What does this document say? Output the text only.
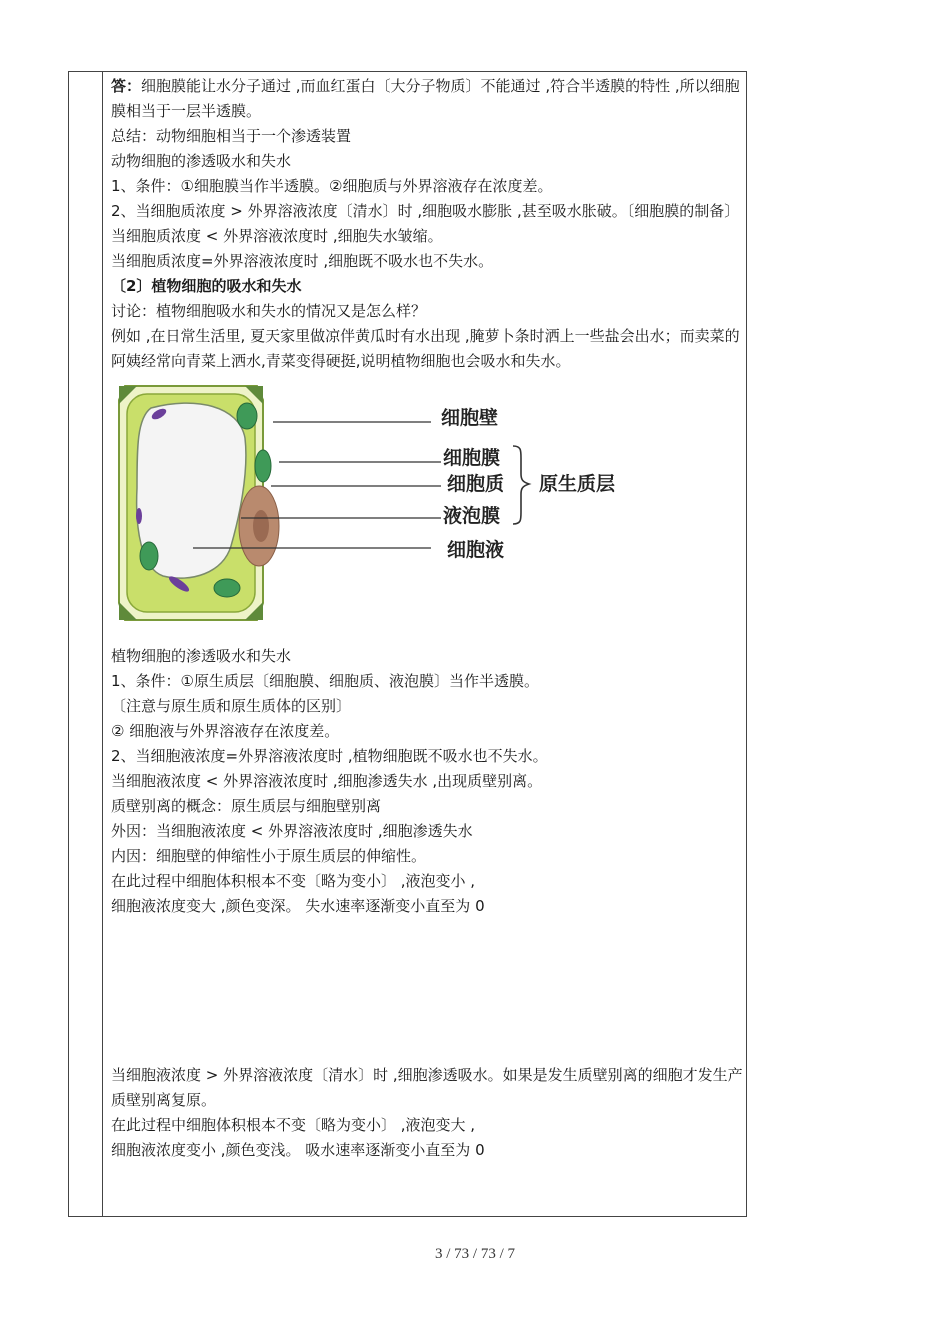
答：细胞膜能让水分子通过 ,而血红蛋白〔大分子物质〕不能通过 ,符合半透膜的特性 ,所以细胞膜相当于一层半透膜。

总结：动物细胞相当于一个渗透装置

动物细胞的渗透吸水和失水

1、条件：①细胞膜当作半透膜。②细胞质与外界溶液存在浓度差。

2、当细胞质浓度 > 外界溶液浓度〔清水〕时 ,细胞吸水膨胀 ,甚至吸水胀破。〔细胞膜的制备〕

当细胞质浓度 < 外界溶液浓度时 ,细胞失水皱缩。

当细胞质浓度=外界溶液浓度时 ,细胞既不吸水也不失水。

〔2〕植物细胞的吸水和失水

讨论：植物细胞吸水和失水的情况又是怎么样？

例如 ,在日常生活里, 夏天家里做凉伴黄瓜时有水出现 ,腌萝卜条时洒上一些盐会出水；而卖菜的阿姨经常向青菜上洒水,青菜变得硬挺,说明植物细胞也会吸水和失水。

细胞壁
细胞膜
细胞质
液泡膜
细胞液
原生质层

植物细胞的渗透吸水和失水

1、条件：①原生质层〔细胞膜、细胞质、液泡膜〕当作半透膜。

〔注意与原生质和原生质体的区别〕

② 细胞液与外界溶液存在浓度差。

2、当细胞液浓度=外界溶液浓度时 ,植物细胞既不吸水也不失水。

当细胞液浓度 < 外界溶液浓度时 ,细胞渗透失水 ,出现质壁别离。

质壁别离的概念：原生质层与细胞壁别离

外因：当细胞液浓度 < 外界溶液浓度时 ,细胞渗透失水

内因：细胞壁的伸缩性小于原生质层的伸缩性。

在此过程中细胞体积根本不变〔略为变小〕 ,液泡变小 ,

细胞液浓度变大 ,颜色变深。 失水速率逐渐变小直至为 0

当细胞液浓度 > 外界溶液浓度〔清水〕时 ,细胞渗透吸水。如果是发生质壁别离的细胞才发生产质壁别离复原。

在此过程中细胞体积根本不变〔略为变小〕 ,液泡变大 ,

细胞液浓度变小 ,颜色变浅。 吸水速率逐渐变小直至为 0

3 / 73 / 73 / 7
